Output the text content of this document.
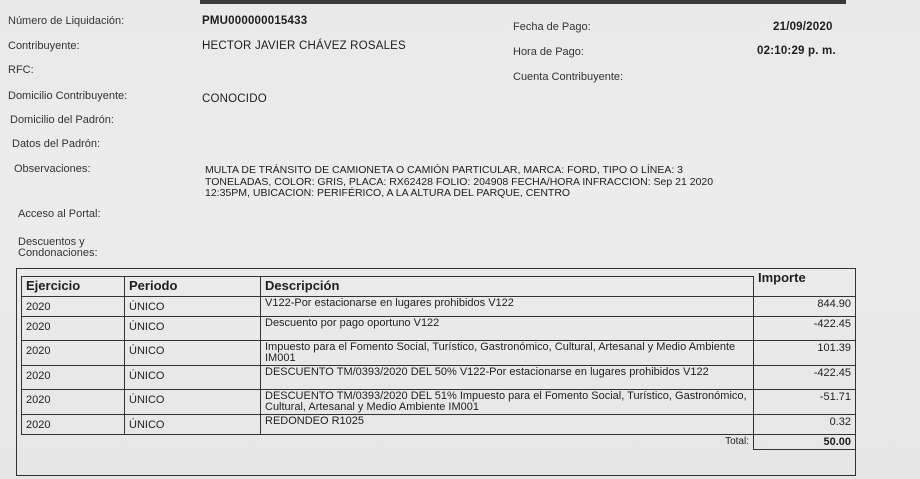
Número de Liquidación:	PMU000000015433
Contribuyente:	HECTOR JAVIER CHÁVEZ ROSALES
RFC:
Domicilio Contribuyente:	CONOCIDO
Domicilio del Padrón:
Datos del Padrón:
Observaciones:	MULTA DE TRÁNSITO DE CAMIONETA O CAMIÓN PARTICULAR, MARCA: FORD, TIPO O LÍNEA: 3
TONELADAS, COLOR: GRIS, PLACA: RX62428 FOLIO: 204908 FECHA/HORA INFRACCION: Sep 21 2020
12:35PM, UBICACION: PERIFÉRICO, A LA ALTURA DEL PARQUE, CENTRO
Acceso al Portal:
Descuentos y
Condonaciones:
Fecha de Pago:	21/09/2020
Hora de Pago:	02:10:29 p. m.
Cuenta Contribuyente:
Ejercicio	Periodo	Descripción	Importe
2020	ÚNICO	V122-Por estacionarse en lugares prohibidos V122	844.90
2020	ÚNICO	Descuento por pago oportuno V122	-422.45
2020	ÚNICO	Impuesto para el Fomento Social, Turístico, Gastronómico, Cultural, Artesanal y Medio Ambiente IM001	101.39
2020	ÚNICO	DESCUENTO TM/0393/2020 DEL 50% V122-Por estacionarse en lugares prohibidos V122	-422.45
2020	ÚNICO	DESCUENTO TM/0393/2020 DEL 51% Impuesto para el Fomento Social, Turístico, Gastronómico, Cultural, Artesanal y Medio Ambiente IM001	-51.71
2020	ÚNICO	REDONDEO R1025	0.32
Total:			50.00
